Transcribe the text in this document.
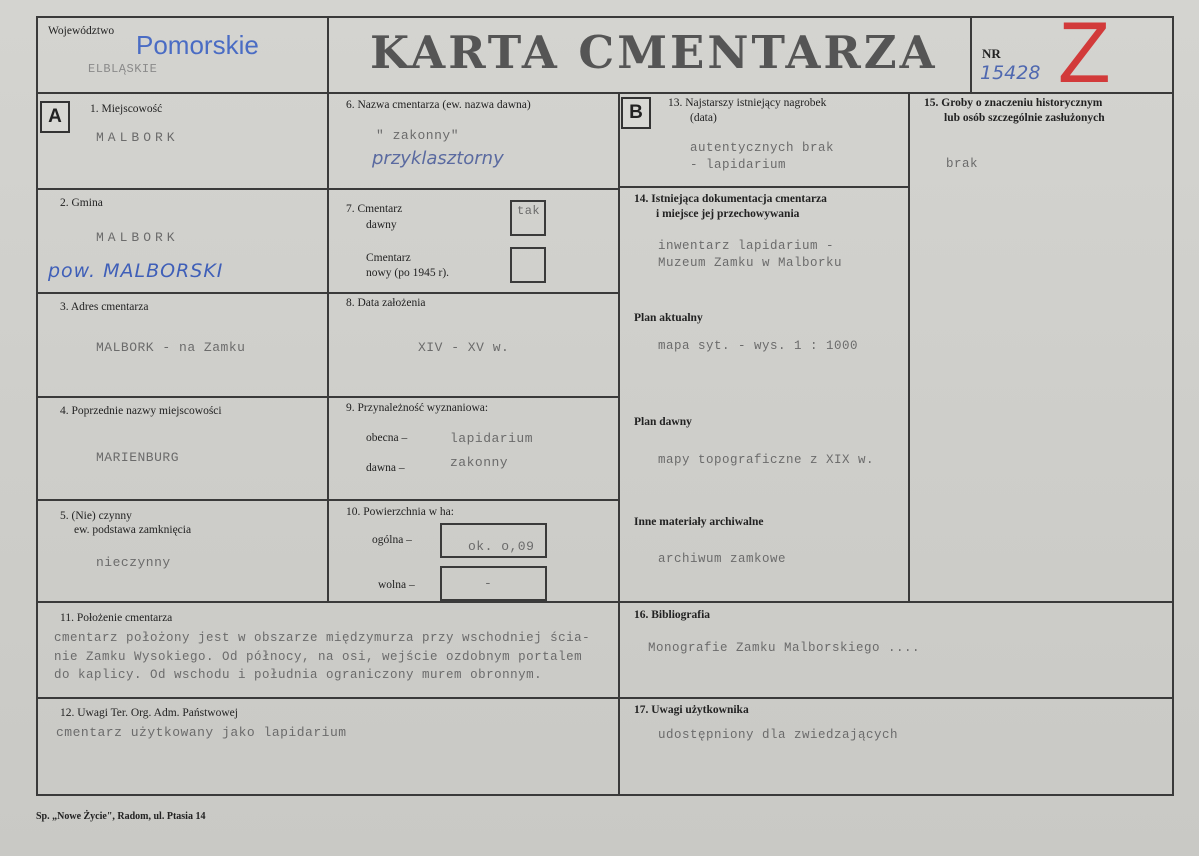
Województwo Pomorskie
ELBLĄSKIE	KARTA CMENTARZA	NR
15428 Z
A	B
1. Miejscowość
MALBORK
2. Gmina
MALBORK
pow. MALBORSKI
3. Adres cmentarza
MALBORK - na Zamku
4. Poprzednie nazwy miejscowości
MARIENBURG
5. (Nie) czynny
ew. podstawa zamknięcia
nieczynny
6. Nazwa cmentarza (ew. nazwa dawna)
" zakonny"
przyklasztorny
7. Cmentarz
dawny
Cmentarz
nowy (po 1945 r).
tak
8. Data założenia
XIV - XV w.
9. Przynależność wyznaniowa:
obecna –	lapidarium
dawna –	zakonny
10. Powierzchnia w ha:
ogólna –	ok. o,09
wolna –	-
11. Położenie cmentarza
cmentarz położony jest w obszarze międzymurza przy wschodniej ścia-
nie Zamku Wysokiego. Od północy, na osi, wejście ozdobnym portalem
do kaplicy. Od wschodu i południa ograniczony murem obronnym.
12. Uwagi Ter. Org. Adm. Państwowej
cmentarz użytkowany jako lapidarium
13. Najstarszy istniejący nagrobek
(data)
autentycznych brak
- lapidarium
14. Istniejąca dokumentacja cmentarza
i miejsce jej przechowywania
inwentarz lapidarium -
Muzeum Zamku w Malborku
Plan aktualny
mapa syt. - wys. 1 : 1000
Plan dawny
mapy topograficzne z XIX w.
Inne materiały archiwalne
archiwum zamkowe
15. Groby o znaczeniu historycznym
lub osób szczególnie zasłużonych
brak
16. Bibliografia
Monografie Zamku Malborskiego ....
17. Uwagi użytkownika
udostępniony dla zwiedzających
Sp. „Nowe Życie", Radom, ul. Ptasia 14
